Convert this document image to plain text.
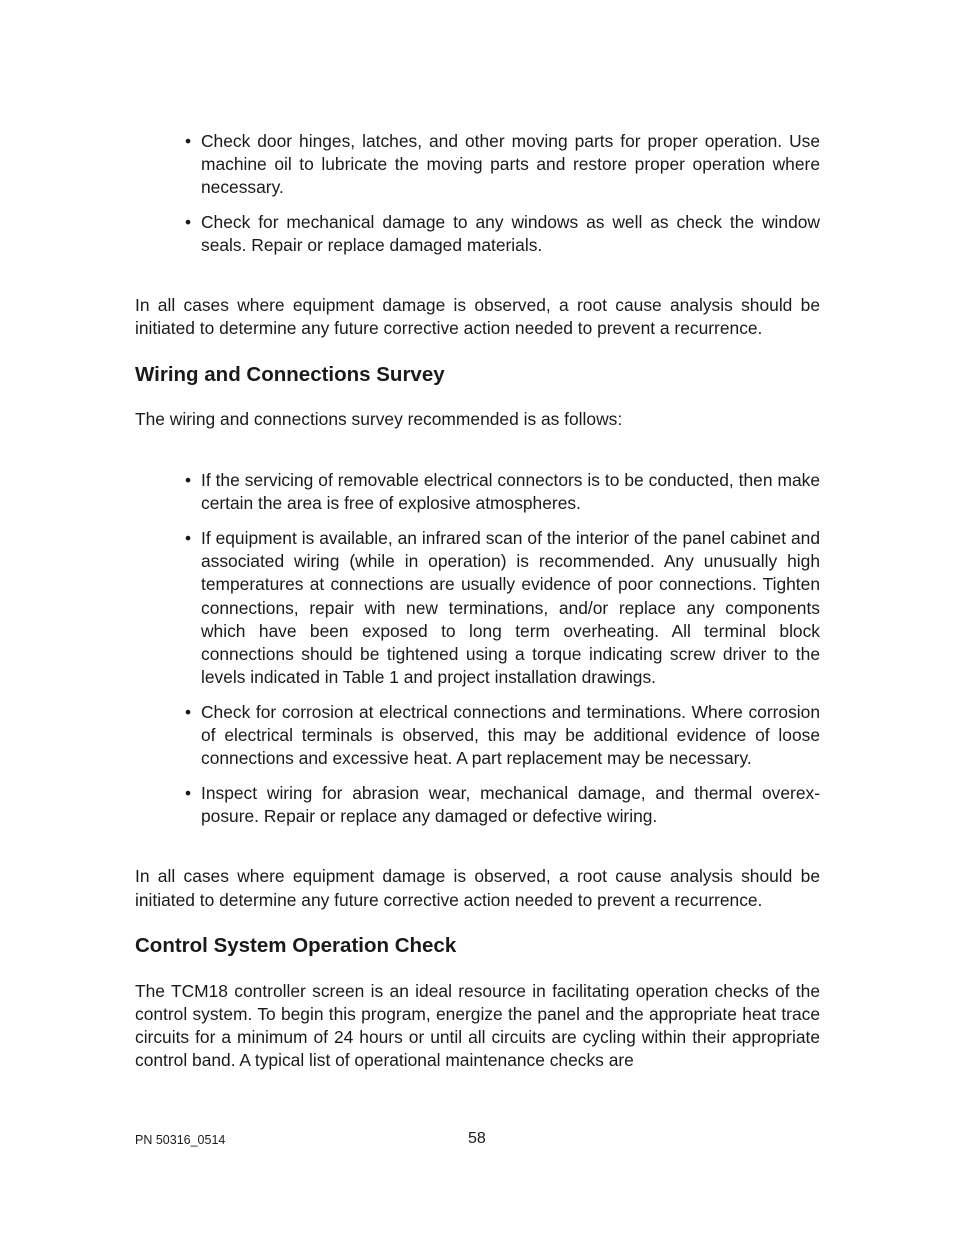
• Check door hinges, latches, and other moving parts for proper operation. Use machine oil to lubricate the moving parts and restore proper operation where necessary.
• Check for mechanical damage to any windows as well as check the window seals. Repair or replace damaged materials.

In all cases where equipment damage is observed, a root cause analysis should be initiated to determine any future corrective action needed to prevent a recurrence.

Wiring and Connections Survey

The wiring and connections survey recommended is as follows:

• If the servicing of removable electrical connectors is to be conducted, then make certain the area is free of explosive atmospheres.
• If equipment is available, an infrared scan of the interior of the panel cabinet and associated wiring (while in operation) is recommended. Any unusually high temperatures at connections are usually evidence of poor connections. Tighten connections, repair with new terminations, and/or replace any components which have been exposed to long term overheating. All terminal block connections should be tightened using a torque indicating screw driver to the levels indicated in Table 1 and project installation drawings.
• Check for corrosion at electrical connections and terminations. Where corrosion of electrical terminals is observed, this may be additional evidence of loose connections and excessive heat. A part replacement may be necessary.
• Inspect wiring for abrasion wear, mechanical damage, and thermal overexposure. Repair or replace any damaged or defective wiring.

In all cases where equipment damage is observed, a root cause analysis should be initiated to determine any future corrective action needed to prevent a recurrence.

Control System Operation Check

The TCM18 controller screen is an ideal resource in facilitating operation checks of the control system. To begin this program, energize the panel and the appropriate heat trace circuits for a minimum of 24 hours or until all circuits are cycling within their appropriate control band. A typical list of operational maintenance checks are

PN 50316_0514	58
